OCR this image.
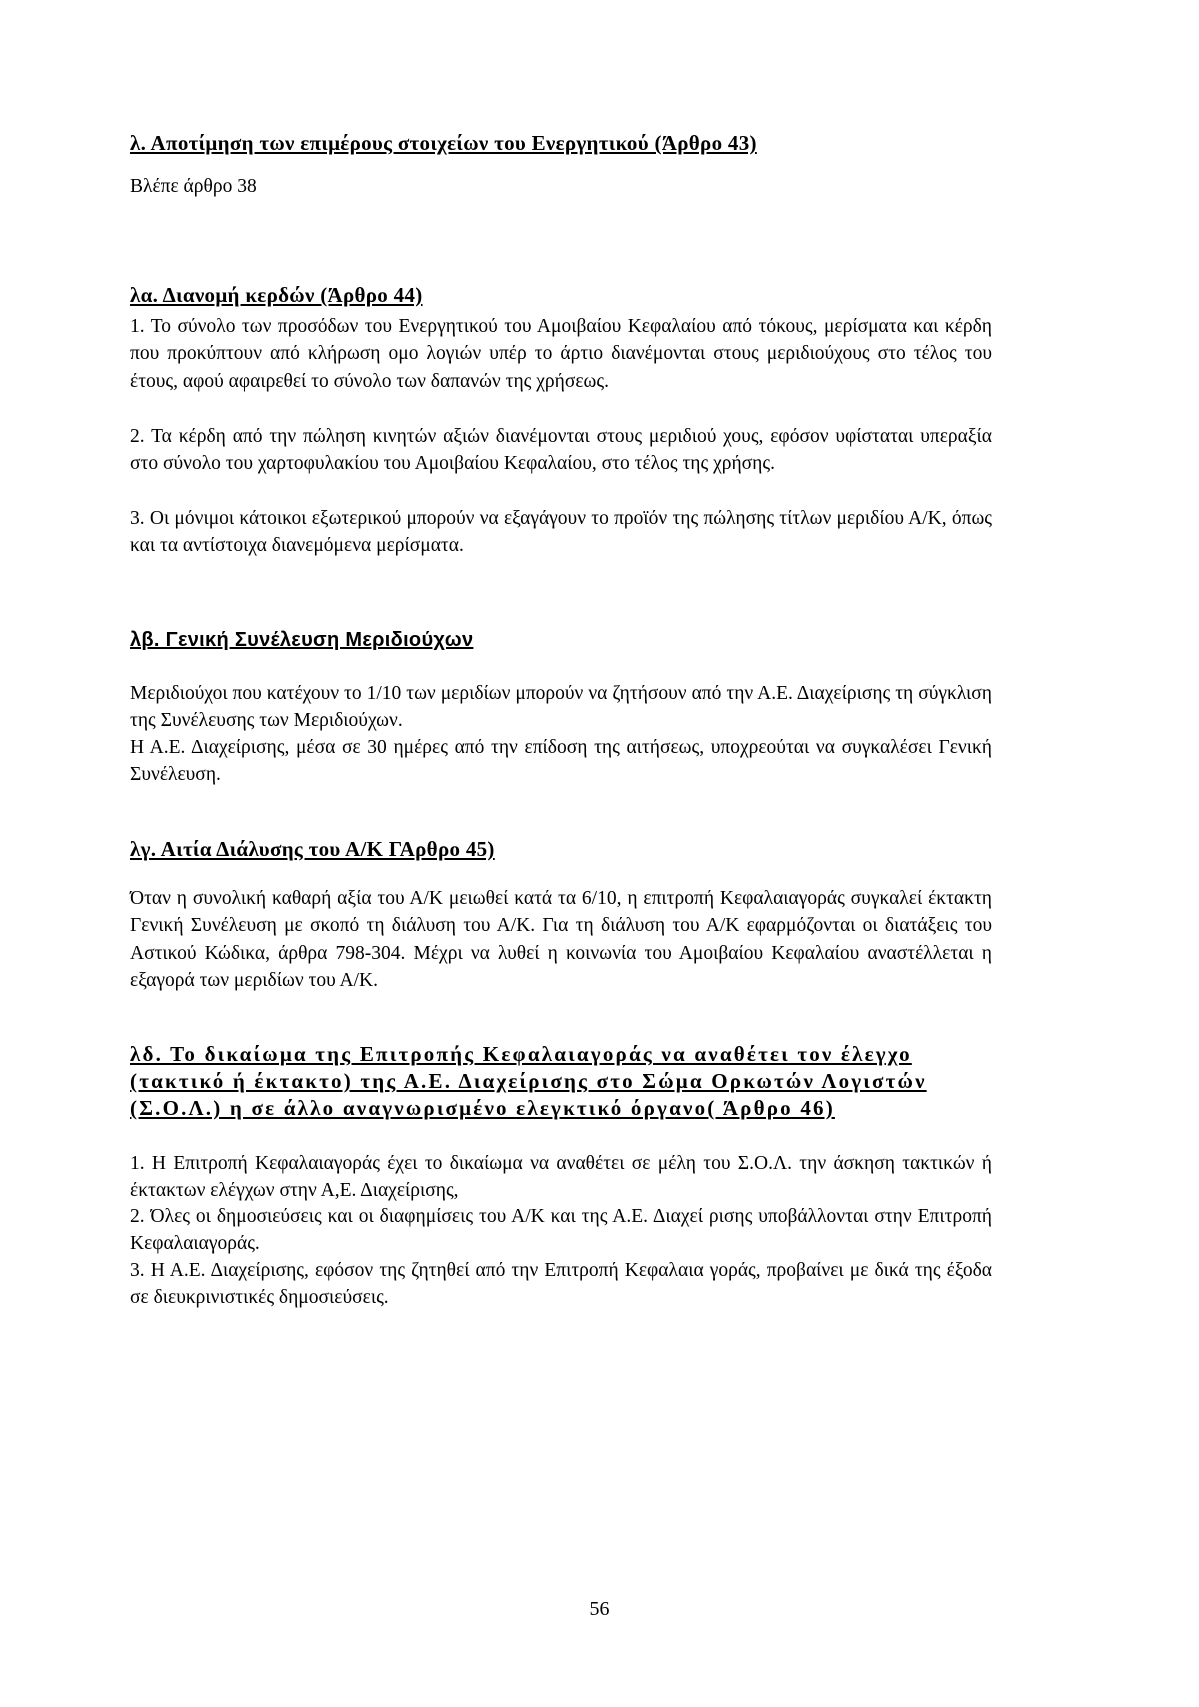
λ. Αποτίμηση των επιμέρους στοιχείων του Ενεργητικού (Άρθρο 43)
Βλέπε άρθρο 38
λα. Διανομή κερδών (Άρθρο 44)
1. Το σύνολο των προσόδων του Ενεργητικού του Αμοιβαίου Κεφαλαίου από τόκους, μερίσματα και κέρδη που προκύπτουν από κλήρωση ομο λογιών υπέρ το άρτιο διανέμονται στους μεριδιούχους στο τέλος του έτους, αφού αφαιρεθεί το σύνολο των δαπανών της χρήσεως.
2. Τα κέρδη από την πώληση κινητών αξιών διανέμονται στους μεριδιού χους, εφόσον υφίσταται υπεραξία στο σύνολο του χαρτοφυλακίου του Αμοιβαίου Κεφαλαίου, στο τέλος της χρήσης.
3. Οι μόνιμοι κάτοικοι εξωτερικού μπορούν να εξαγάγουν το προϊόν της πώλησης τίτλων μεριδίου Α/Κ, όπως και τα αντίστοιχα διανεμόμενα μερίσματα.
λβ. Γενική Συνέλευση Μεριδιούχων
Μεριδιούχοι που κατέχουν το 1/10 των μεριδίων μπορούν να ζητήσουν από την Α.Ε. Διαχείρισης τη σύγκλιση της Συνέλευσης των Μεριδιούχων.
Η Α.Ε. Διαχείρισης, μέσα σε 30 ημέρες από την επίδοση της αιτήσεως, υποχρεούται να συγκαλέσει Γενική Συνέλευση.
λγ. Αιτία Διάλυσης του Α/Κ ΓΑρθρο 45)
Όταν η συνολική καθαρή αξία του Α/Κ μειωθεί κατά τα 6/10, η επιτροπή Κεφαλαιαγοράς συγκαλεί έκτακτη Γενική Συνέλευση με σκοπό τη διάλυση του Α/Κ. Για τη διάλυση του Α/Κ εφαρμόζονται οι διατάξεις του Αστικού Κώδικα, άρθρα 798-304. Μέχρι να λυθεί η κοινωνία του Αμοιβαίου Κεφαλαίου αναστέλλεται η εξαγορά των μεριδίων του Α/Κ.
λδ. Το δικαίωμα της Επιτροπής Κεφαλαιαγοράς να αναθέτει τον έλεγχο (τακτικό ή έκτακτο) της Α.Ε. Διαχείρισης στο Σώμα Ορκωτών Λογιστών (Σ.Ο.Λ.) η σε άλλο αναγνωρισμένο ελεγκτικό όργανο( Άρθρο 46)
1. Η Επιτροπή Κεφαλαιαγοράς έχει το δικαίωμα να αναθέτει σε μέλη του Σ.Ο.Λ. την άσκηση τακτικών ή έκτακτων ελέγχων στην Α,Ε. Διαχείρισης,
2. Όλες οι δημοσιεύσεις και οι διαφημίσεις του Α/Κ και της Α.Ε. Διαχεί ρισης υποβάλλονται στην Επιτροπή Κεφαλαιαγοράς.
3. Η Α.Ε. Διαχείρισης, εφόσον της ζητηθεί από την Επιτροπή Κεφαλαια γοράς, προβαίνει με δικά της έξοδα σε διευκρινιστικές δημοσιεύσεις.
56
